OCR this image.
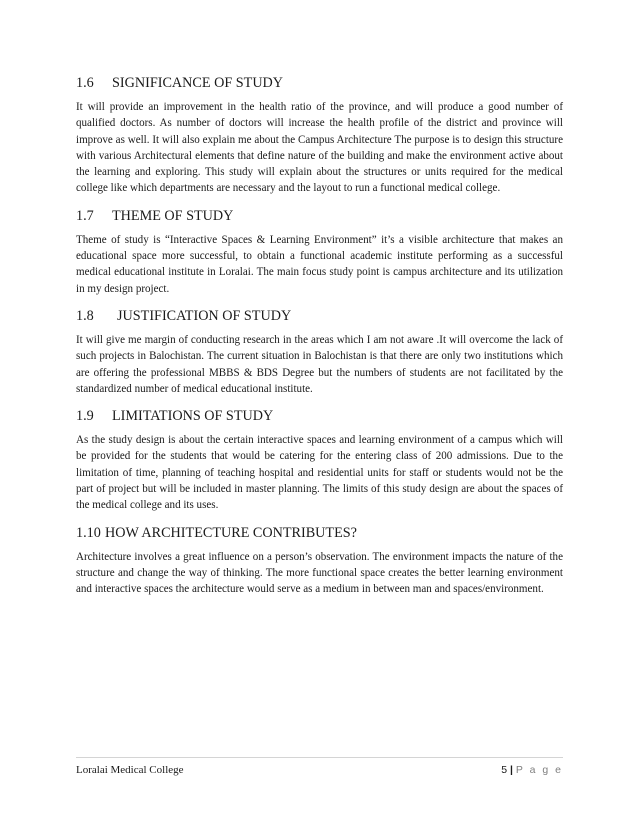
1.6	SIGNIFICANCE OF STUDY

It will provide an improvement in the health ratio of the province, and will produce a good number of qualified doctors. As number of doctors will increase the health profile of the district and province will improve as well. It will also explain me about the Campus Architecture The purpose is to design this structure with various Architectural elements that define nature of the building and make the environment active about the learning and exploring. This study will explain about the structures or units required for the medical college like which departments are necessary and the layout to run a functional medical college.

1.7	THEME OF STUDY

Theme of study is “Interactive Spaces & Learning Environment” it’s a visible architecture that makes an educational space more successful, to obtain a functional academic institute performing as a successful medical educational institute in Loralai. The main focus study point is campus architecture and its utilization in my design project.

1.8	JUSTIFICATION OF STUDY

It will give me margin of conducting research in the areas which I am not aware .It will overcome the lack of such projects in Balochistan. The current situation in Balochistan is that there are only two institutions which are offering the professional MBBS & BDS Degree but the numbers of students are not facilitated by the standardized number of medical educational institute.

1.9	LIMITATIONS OF STUDY

As the study design is about the certain interactive spaces and learning environment of a campus which will be provided for the students that would be catering for the entering class of 200 admissions. Due to the limitation of time, planning of teaching hospital and residential units for staff or students would not be the part of project but will be included in master planning. The limits of this study design are about the spaces of the medical college and its uses.

1.10 HOW ARCHITECTURE CONTRIBUTES?

Architecture involves a great influence on a person’s observation. The environment impacts the nature of the structure and change the way of thinking. The more functional space creates the better learning environment and interactive spaces the architecture would serve as a medium in between man and spaces/environment.

Loralai Medical College	5 | P a g e
